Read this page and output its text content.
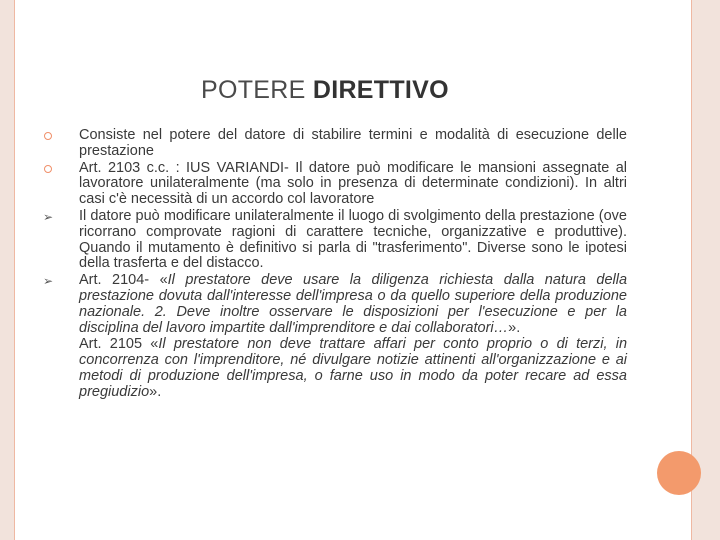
POTERE DIRETTIVO

Consiste nel potere del datore di stabilire termini e modalità di esecuzione delle prestazione

Art. 2103 c.c. : IUS VARIANDI- Il datore può modificare le mansioni assegnate al lavoratore unilateralmente (ma solo in presenza di determinate condizioni). In altri casi c'è necessità di un accordo col lavoratore

➢ Il datore può modificare unilateralmente il luogo di svolgimento della prestazione (ove ricorrano comprovate ragioni di carattere tecniche, organizzative e produttive). Quando il mutamento è definitivo si parla di "trasferimento". Diverse sono le ipotesi della trasferta e del distacco.

➢ Art. 2104- «Il prestatore deve usare la diligenza richiesta dalla natura della prestazione dovuta dall'interesse dell'impresa o da quello superiore della produzione nazionale. 2. Deve inoltre osservare le disposizioni per l'esecuzione e per la disciplina del lavoro impartite dall'imprenditore e dai collaboratori…».

Art. 2105 «Il prestatore non deve trattare affari per conto proprio o di terzi, in concorrenza con l'imprenditore, né divulgare notizie attinenti all'organizzazione e ai metodi di produzione dell'impresa, o farne uso in modo da poter recare ad essa pregiudizio».
